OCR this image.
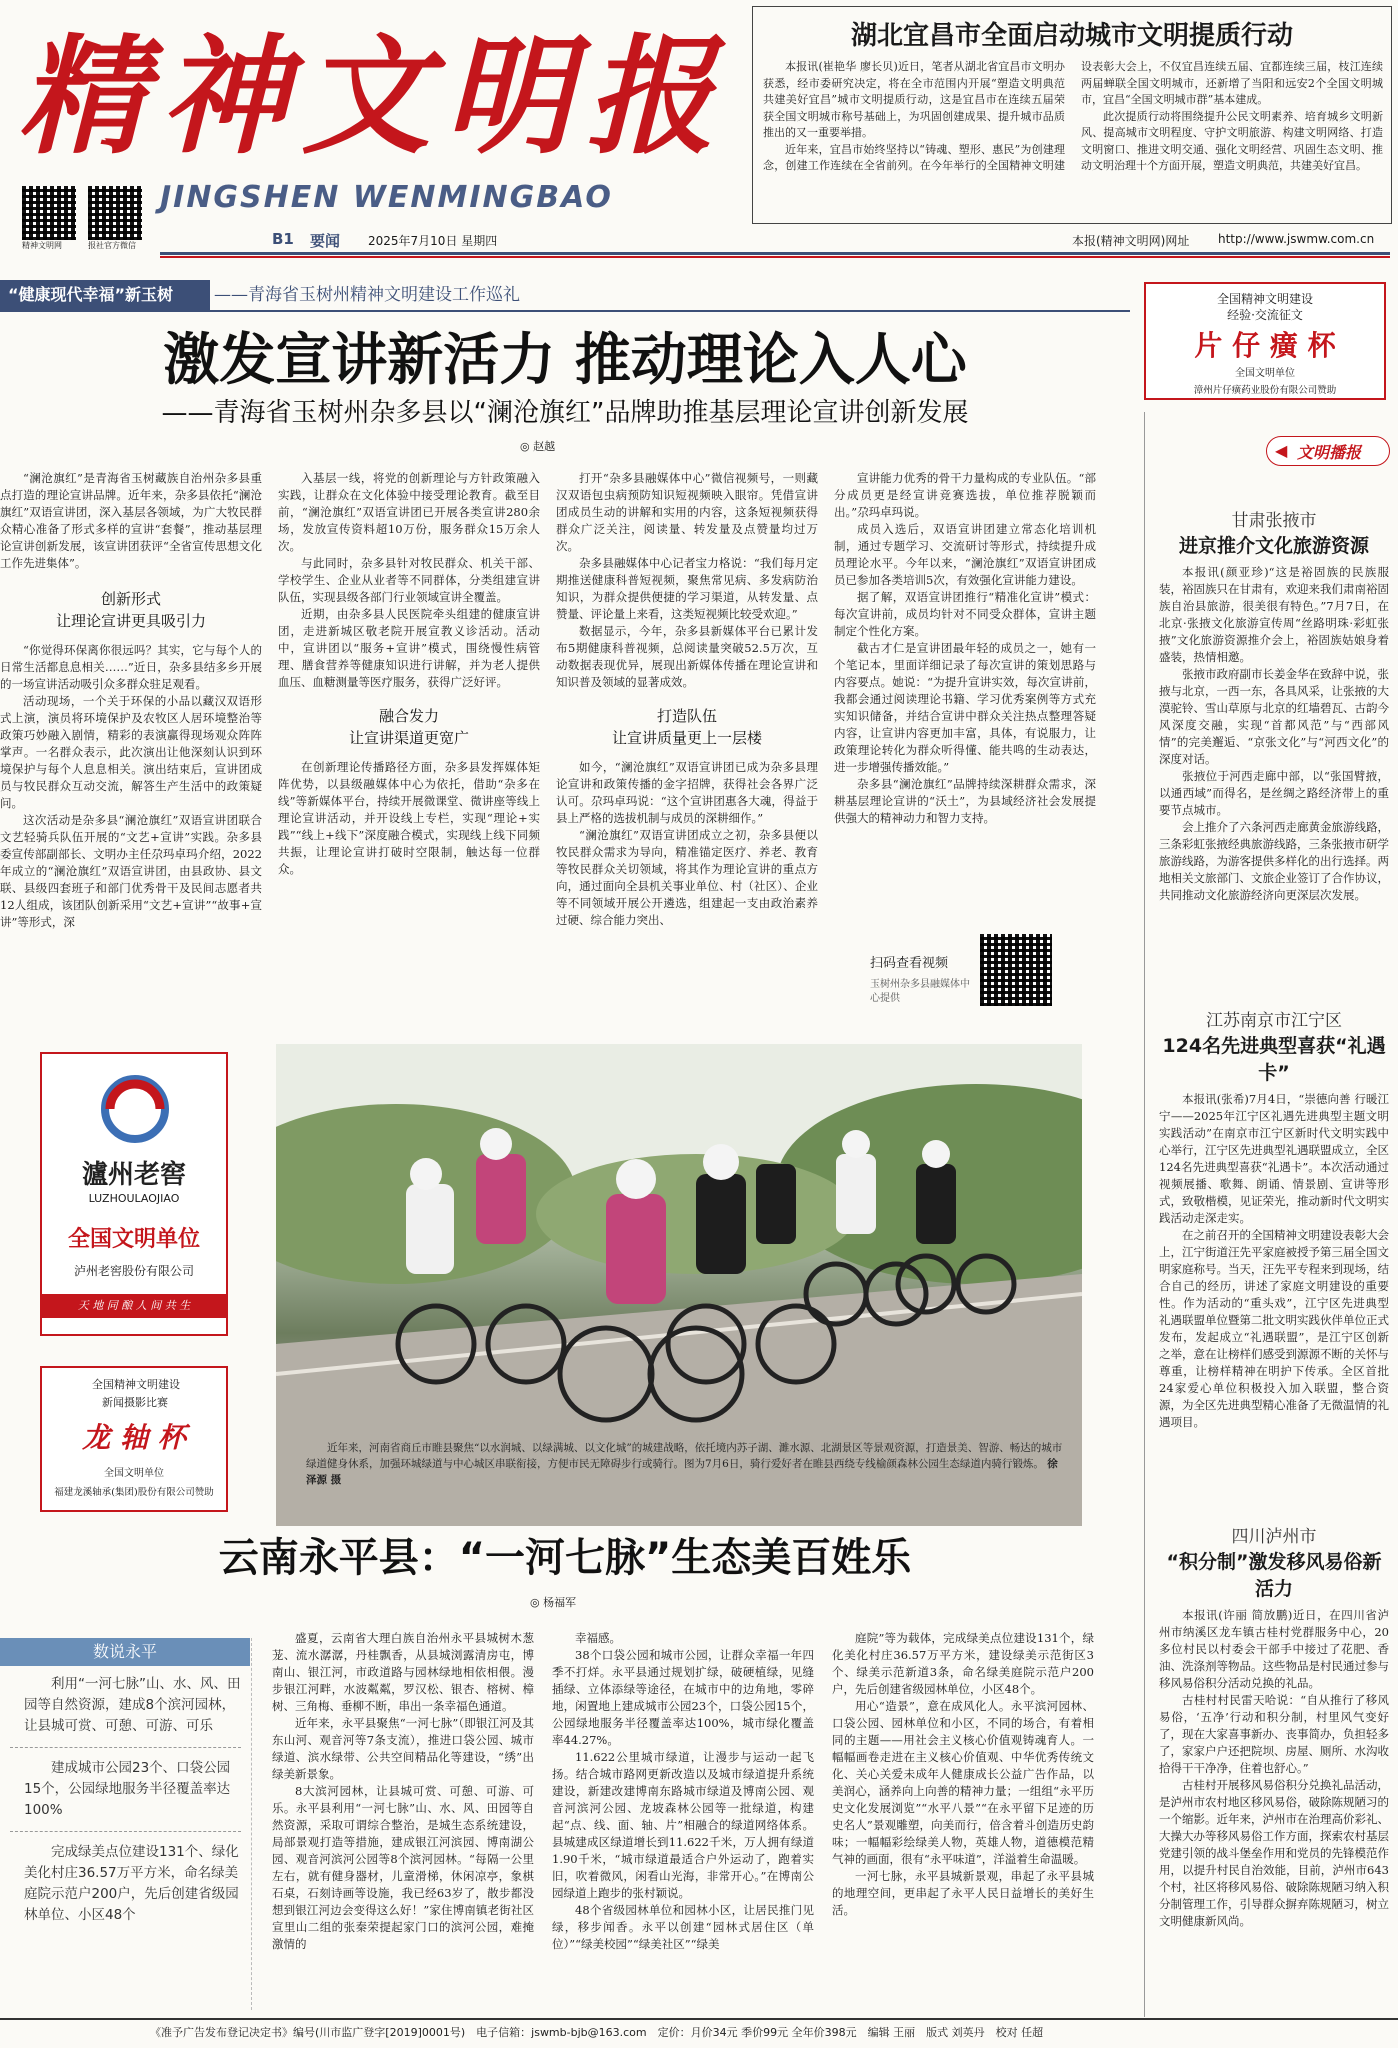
精神文明报
JINGSHEN WENMINGBAO
精神文明网	报社官方微信	B1 要闻 2025年7月10日 星期四	本报(精神文明网)网址 http://www.jswmw.com.cn
湖北宜昌市全面启动城市文明提质行动

本报讯(崔艳华 廖长贝)近日，笔者从湖北省宜昌市文明办获悉，经市委研究决定，将在全市范围内开展“塑造文明典范 共建美好宜昌”城市文明提质行动，这是宜昌市在连续五届荣获全国文明城市称号基础上，为巩固创建成果、提升城市品质推出的又一重要举措。

近年来，宜昌市始终坚持以“铸魂、塑形、惠民”为创建理念，创建工作连续在全省前列。在今年举行的全国精神文明建设表彰大会上，不仅宜昌连续五届、宜都连续三届，枝江连续两届蝉联全国文明城市，还新增了当阳和远安2个全国文明城市，宜昌“全国文明城市群”基本建成。

此次提质行动将围绕提升公民文明素养、培育城乡文明新风、提高城市文明程度、守护文明旅游、构建文明网络、打造文明窗口、推进文明交通、强化文明经营、巩固生态文明、推动文明治理十个方面开展，塑造文明典范，共建美好宜昌。

“健康现代幸福”新玉树	——青海省玉树州精神文明建设工作巡礼
激发宣讲新活力 推动理论入人心
——青海省玉树州杂多县以“澜沧旗红”品牌助推基层理论宣讲创新发展
◎ 赵越

“澜沧旗红”是青海省玉树藏族自治州杂多县重点打造的理论宣讲品牌。近年来，杂多县依托“澜沧旗红”双语宣讲团，深入基层各领域，为广大牧民群众精心准备了形式多样的宣讲“套餐”，推动基层理论宣讲创新发展，该宣讲团获评“全省宣传思想文化工作先进集体”。

创新形式
让理论宣讲更具吸引力

“你觉得环保离你很远吗？其实，它与每个人的日常生活都息息相关……”近日，杂多县结多乡开展的一场宣讲活动吸引众多群众驻足观看。

活动现场，一个关于环保的小品以藏汉双语形式上演，演员将环境保护及农牧区人居环境整治等政策巧妙融入剧情，精彩的表演赢得现场观众阵阵掌声。一名群众表示，此次演出让他深刻认识到环境保护与每个人息息相关。演出结束后，宣讲团成员与牧民群众互动交流，解答生产生活中的政策疑问。

这次活动是杂多县“澜沧旗红”双语宣讲团联合文艺轻骑兵队伍开展的“文艺+宣讲”实践。杂多县委宣传部副部长、文明办主任尕玛卓玛介绍，2022年成立的“澜沧旗红”双语宣讲团，由县政协、县文联、县级四套班子和部门优秀骨干及民间志愿者共12人组成，该团队创新采用“文艺+宣讲”“故事+宣讲”等形式，深

入基层一线，将党的创新理论与方针政策融入实践，让群众在文化体验中接受理论教育。截至目前，“澜沧旗红”双语宣讲团已开展各类宣讲280余场，发放宣传资料超10万份，服务群众15万余人次。

与此同时，杂多县针对牧民群众、机关干部、学校学生、企业从业者等不同群体，分类组建宣讲队伍，实现县级各部门行业领域宣讲全覆盖。

近期，由杂多县人民医院牵头组建的健康宣讲团，走进新城区敬老院开展宣教义诊活动。活动中，宣讲团以“服务+宣讲”模式，围绕慢性病管理、膳食营养等健康知识进行讲解，并为老人提供血压、血糖测量等医疗服务，获得广泛好评。

融合发力
让宣讲渠道更宽广

在创新理论传播路径方面，杂多县发挥媒体矩阵优势，以县级融媒体中心为依托，借助“杂多在线”等新媒体平台，持续开展微课堂、微讲座等线上理论宣讲活动，并开设线上专栏，实现“理论+实践”“线上+线下”深度融合模式，实现线上线下同频共振，让理论宣讲打破时空限制，触达每一位群众。

打开“杂多县融媒体中心”微信视频号，一则藏汉双语包虫病预防知识短视频映入眼帘。凭借宣讲团成员生动的讲解和实用的内容，这条短视频获得群众广泛关注，阅读量、转发量及点赞量均过万次。

杂多县融媒体中心记者宝力格说：“我们每月定期推送健康科普短视频，聚焦常见病、多发病防治知识，为群众提供便捷的学习渠道，从转发量、点赞量、评论量上来看，这类短视频比较受欢迎。”

数据显示，今年，杂多县新媒体平台已累计发布5期健康科普视频，总阅读量突破52.5万次，互动数据表现优异，展现出新媒体传播在理论宣讲和知识普及领域的显著成效。

打造队伍
让宣讲质量更上一层楼

如今，“澜沧旗红”双语宣讲团已成为杂多县理论宣讲和政策传播的金字招牌，获得社会各界广泛认可。尕玛卓玛说：“这个宣讲团惠各大魂，得益于县上严格的选拔机制与成员的深耕细作。”

“澜沧旗红”双语宣讲团成立之初，杂多县便以牧民群众需求为导向，精准锚定医疗、养老、教育等牧民群众关切领域，将其作为理论宣讲的重点方向，通过面向全县机关事业单位、村（社区）、企业等不同领域开展公开遴选，组建起一支由政治素养过硬、综合能力突出、

宣讲能力优秀的骨干力量构成的专业队伍。“部分成员更是经宣讲竞赛选拔，单位推荐脱颖而出。”尕玛卓玛说。

成员入选后，双语宣讲团建立常态化培训机制，通过专题学习、交流研讨等形式，持续提升成员理论水平。今年以来，“澜沧旗红”双语宣讲团成员已参加各类培训5次，有效强化宣讲能力建设。

据了解，双语宣讲团推行“精准化宣讲”模式：每次宣讲前，成员均针对不同受众群体，宣讲主题制定个性化方案。

截古才仁是宣讲团最年轻的成员之一，她有一个笔记本，里面详细记录了每次宣讲的策划思路与内容要点。她说：“为提升宣讲实效，每次宣讲前，我都会通过阅读理论书籍、学习优秀案例等方式充实知识储备，并结合宣讲中群众关注热点整理答疑内容，让宣讲内容更加丰富，具体，有说服力，让政策理论转化为群众听得懂、能共鸣的生动表达，进一步增强传播效能。”

杂多县“澜沧旗红”品牌持续深耕群众需求，深耕基层理论宣讲的“沃土”，为县域经济社会发展提供强大的精神动力和智力支持。

扫码查看视频
玉树州杂多县融媒体中心提供
瀘州老窖
LUZHOULAOJIAO
全国文明单位
泸州老窖股份有限公司
天 地 同 酿 人 间 共 生
全国精神文明建设
新闻摄影比赛
龙 轴 杯
全国文明单位
福建龙溪轴承(集团)股份有限公司赞助
近年来，河南省商丘市睢县聚焦“以水润城、以绿满城、以文化城”的城建战略，依托境内苏子湖、濉水源、北湖景区等景观资源，打造景美、智游、畅达的城市绿道健身休系，加强环城绿道与中心城区串联衔接，方便市民无障碍步行或骑行。图为7月6日，骑行爱好者在睢县西绕专线榆颜森林公园生态绿道内骑行锻炼。 徐泽源 摄
云南永平县：“一河七脉”生态美百姓乐
◎ 杨福军
数说永平
利用“一河七脉”山、水、风、田园等自然资源，建成8个滨河园林，让县城可赏、可憩、可游、可乐
建成城市公园23个、口袋公园15个，公园绿地服务半径覆盖率达100%
完成绿美点位建设131个、绿化美化村庄36.57万平方米，命名绿美庭院示范户200户，先后创建省级园林单位、小区48个

盛夏，云南省大理白族自治州永平县城树木葱茏、流水潺潺，丹桂飘香，从县城浏露清房屯，博南山、银江河，市政道路与园林绿地相依相偎。漫步银江河畔，水波粼粼，罗汉松、银杏、榕树、樟树、三角梅、垂柳不断，串出一条幸福色通道。

近年来，永平县聚焦“一河七脉”（即银江河及其东山河、观音河等7条支流），推进口袋公园、城市绿道、滨水绿带、公共空间精品化等建设，“绣”出绿美新景象。

8大滨河园林，让县城可赏、可憩、可游、可乐。永平县利用“一河七脉”山、水、风、田园等自然资源，采取可谓综合整治，是城生态系统建设，局部景观打造等措施，建成银江河滨园、博南湖公园、观音河滨河公园等8个滨河园林。“每隔一公里左右，就有健身器材，儿童滑梯，休闲凉亭，象棋石桌，石刻诗画等设施，我已经63岁了，散步都没想到银江河边会变得这么好！”家住博南镇老街社区宣里山二组的张秦荣提起家门口的滨河公园，难掩激情的

幸福感。

38个口袋公园和城市公园，让群众幸福一年四季不打烊。永平县通过规划扩绿，破硬植绿，见缝插绿、立体添绿等途径，在城市中的边角地，零碎地，闲置地上建成城市公园23个，口袋公园15个，公园绿地服务半径覆盖率达100%，城市绿化覆盖率44.27%。

11.622公里城市绿道，让漫步与运动一起飞扬。结合城市路网更新改造以及城市绿道提升系统建设，新建改建博南东路城市绿道及博南公园、观音河滨河公园、龙坡森林公园等一批绿道，构建起“点、线、面、轴、片”相融合的绿道网络体系。县城建成区绿道增长到11.622千米，万人拥有绿道1.90千米，“城市绿道最适合户外运动了，跑着实旧，吹着微风，闲看山光海，非常开心。”在博南公园绿道上跑步的张村颖说。

48个省级园林单位和园林小区，让居民推门见绿，移步闻香。永平以创建“园林式居住区（单位）”“绿美校园”“绿美社区”“绿美

庭院”等为载体，完成绿美点位建设131个，绿化美化村庄36.57万平方米，建设绿美示范街区3个、绿美示范新道3条，命名绿美庭院示范户200户，先后创建省级园林单位，小区48个。

用心“造景”，意在成风化人。永平滨河园林、口袋公园、园林单位和小区，不同的场合，有着相同的主题——用社会主义核心价值观铸魂育人。一幅幅画卷走进在主义核心价值观、中华优秀传统文化、关心关爱未成年人健康成长公益广告作品，以美润心，涵养向上向善的精神力量；一组组“永平历史文化发展浏览”“水平八景”“在永平留下足迹的历史名人”景观雕塑，向美而行，倍含着斗创造历史韵味；一幅幅彩绘绿美人物，英雄人物，道德模范精气神的画面，很有“永平味道”，洋溢着生命温暖。

一河七脉，永平县城新景观，串起了永平县城的地理空间，更串起了永平人民日益增长的美好生活。

全国精神文明建设
经验·交流征文
片 仔 癀 杯
全国文明单位
漳州片仔癀药业股份有限公司赞助
◀ 文明播报
甘肃张掖市
进京推介文化旅游资源

本报讯(颜亚珍)“这是裕固族的民族服装，裕固族只在甘肃有，欢迎来我们肃南裕固族自治县旅游，很美很有特色。”7月7日，在北京·张掖文化旅游宣传周“丝路明珠·彩虹张掖”文化旅游资源推介会上，裕固族姑娘身着盛装，热情相邀。

张掖市政府副市长姜金华在致辞中说，张掖与北京，一西一东，各具风采，让张掖的大漠驼铃、雪山草原与北京的红墙碧瓦、古韵今风深度交融，实现“首都风范”与“西部风情”的完美邂逅、“京张文化”与“河西文化”的深度对话。

张掖位于河西走廊中部，以“张国臂掖，以通西域”而得名，是丝绸之路经济带上的重要节点城市。

会上推介了六条河西走廊黄金旅游线路，三条彩虹张掖经典旅游线路，三条张掖市研学旅游线路，为游客提供多样化的出行选择。两地相关文旅部门、文旅企业签订了合作协议，共同推动文化旅游经济向更深层次发展。

江苏南京市江宁区
124名先进典型喜获“礼遇卡”

本报讯(张希)7月4日，“崇德向善 行暖江宁——2025年江宁区礼遇先进典型主题文明实践活动”在南京市江宁区新时代文明实践中心举行，江宁区先进典型礼遇联盟成立，全区124名先进典型喜获“礼遇卡”。本次活动通过视频展播、歌舞、朗诵、情景剧、宣讲等形式，致敬楷模，见证荣光，推动新时代文明实践活动走深走实。

在之前召开的全国精神文明建设表彰大会上，江宁街道汪先平家庭被授予第三届全国文明家庭称号。当天，汪先平专程来到现场，结合自己的经历，讲述了家庭文明建设的重要性。作为活动的“重头戏”，江宁区先进典型礼遇联盟单位暨第二批文明实践伙伴单位正式发布，发起成立“礼遇联盟”，是江宁区创新之举，意在让榜样们感受到源源不断的关怀与尊重，让榜样精神在明护下传承。全区首批24家爱心单位积极投入加入联盟，整合资源，为全区先进典型精心准备了无微温情的礼遇项目。

四川泸州市
“积分制”激发移风易俗新活力

本报讯(许丽 简放鹏)近日，在四川省泸州市纳溪区龙车镇古桂村党群服务中心，20多位村民以村委会干部手中接过了花肥、香油、洗涤剂等物品。这些物品是村民通过参与移风易俗积分活动兑换的礼品。

古桂村村民雷天哈说：“自从推行了移风易俗，‘五净’行动和积分制，村里风气变好了，现在大家喜事新办、丧事简办，负担轻多了，家家户户还把院坝、房屋、厕所、水沟收拾得干干净净，住着也舒心。”

古桂村开展移风易俗积分兑换礼品活动，是泸州市农村地区移风易俗，破除陈规陋习的一个缩影。近年来，泸州市在治理高价彩礼、大操大办等移风易俗工作方面，探索农村基层党建引领的战斗堡垒作用和党员的先锋模范作用，以提升村民自治效能，目前，泸州市643个村，社区将移风易俗、破除陈规陋习纳入积分制管理工作，引导群众摒弃陈规陋习，树立文明健康新风尚。

《准予广告发布登记决定书》编号(川市监广登字[2019]0001号)　电子信箱：jswmb-bjb@163.com　定价：月价34元 季价99元 全年价398元　编辑 王丽　版式 刘英丹　校对 任超
